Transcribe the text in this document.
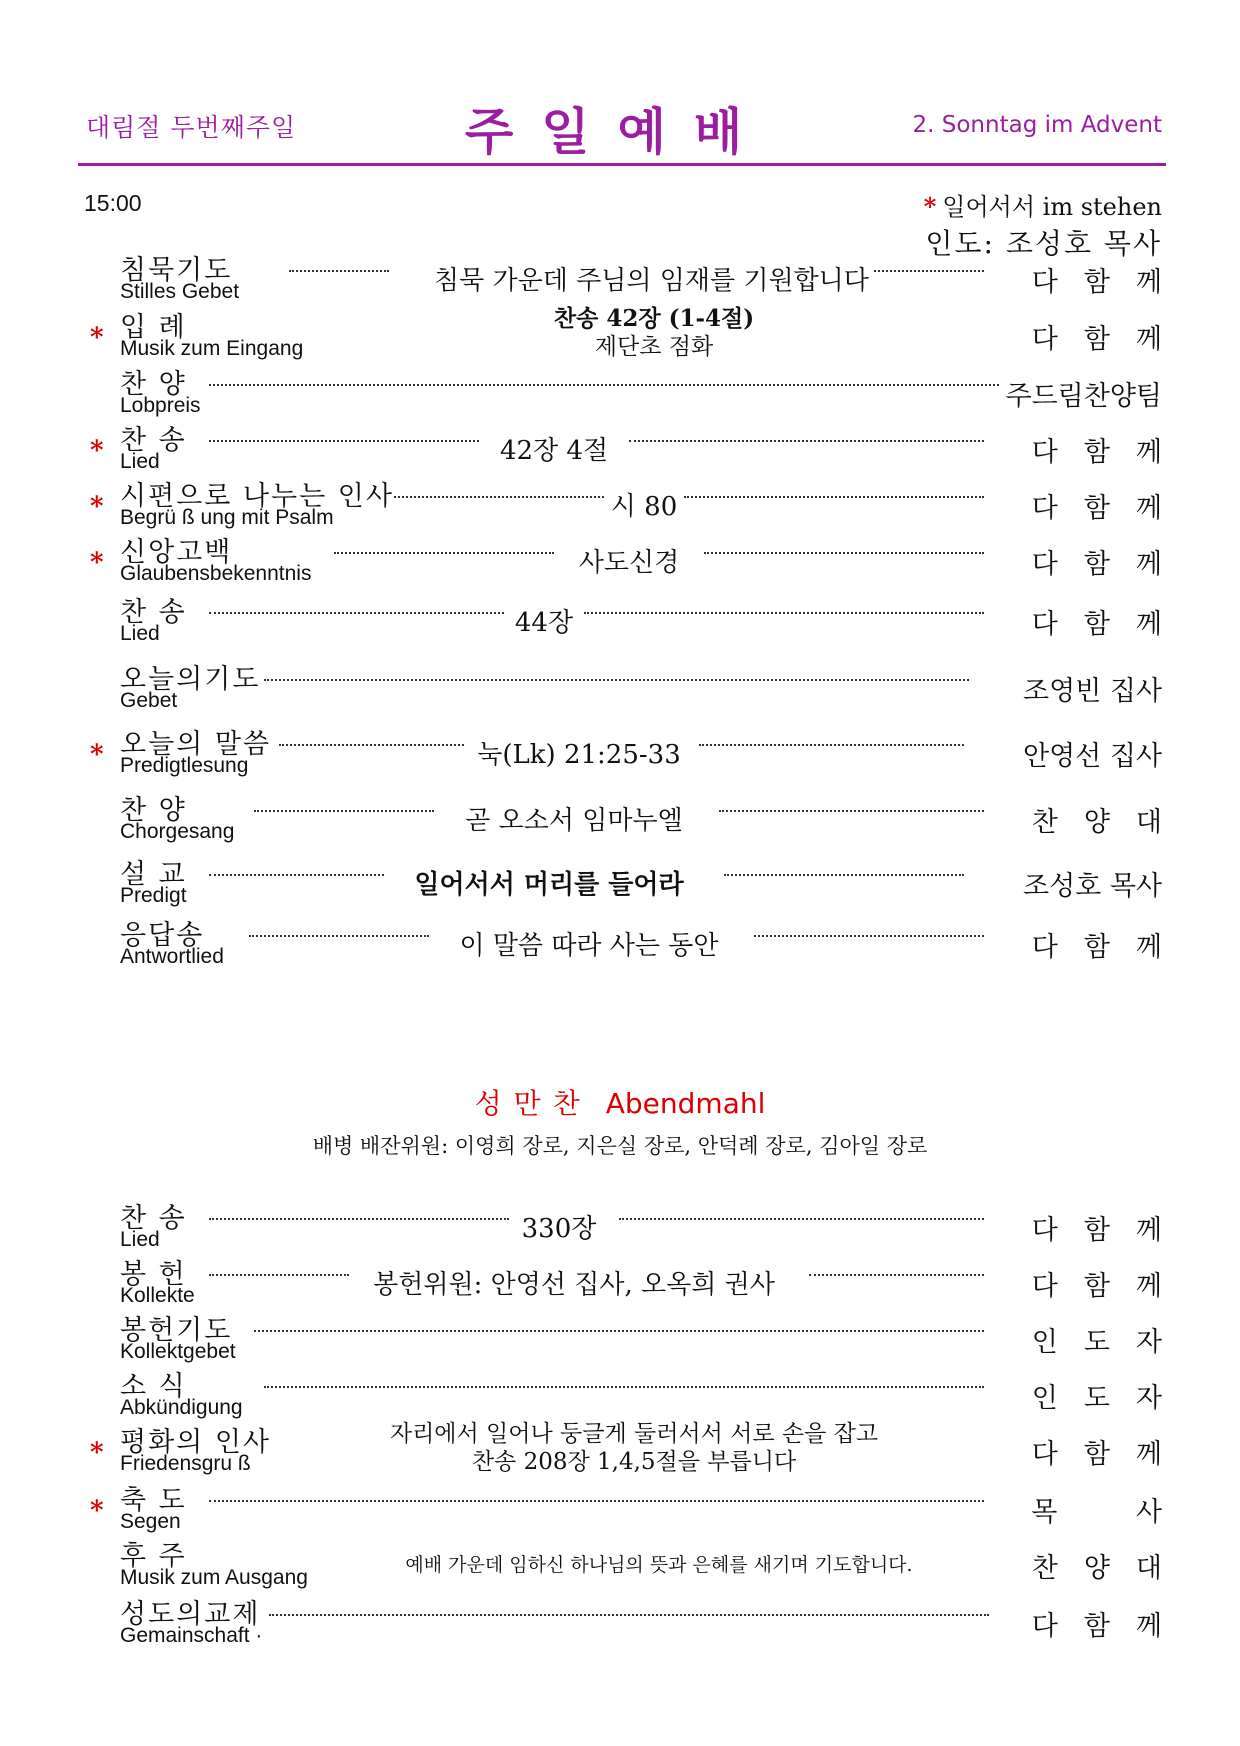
대림절 두번째주일	주일예배	2. Sonntag im Advent
15:00	* 일어서서 im stehen
인도: 조성호 목사
침묵기도
Stilles Gebet	침묵 가운데 주님의 임재를 기원합니다	다함께
* 입 례
Musik zum Eingang
찬송 42장 (1-4절)
제단초 점화	다함께
찬 양
Lobpreis	주드림찬양팀
* 찬 송
Lied	42장 4절	다함께
* 시편으로 나누는 인사
Begrü ß ung mit Psalm	시 80	다함께
* 신앙고백
Glaubensbekenntnis	사도신경	다함께
찬 송
Lied	44장	다함께
오늘의기도
Gebet	조영빈 집사
* 오늘의 말씀
Predigtlesung	눅(Lk) 21:25-33	안영선 집사
찬 양
Chorgesang	곧 오소서 임마누엘	찬양대
설 교
Predigt	일어서서 머리를 들어라	조성호 목사
응답송
Antwortlied	이 말씀 따라 사는 동안	다함께
성만찬 Abendmahl
배병 배잔위원: 이영희 장로, 지은실 장로, 안덕례 장로, 김아일 장로
찬 송
Lied	330장	다함께
봉 헌
Kollekte	봉헌위원: 안영선 집사, 오옥희 권사	다함께
봉헌기도
Kollektgebet	인도자
소 식
Abkündigung	인도자
* 평화의 인사
Friedensgru ß
자리에서 일어나 둥글게 둘러서서 서로 손을 잡고
찬송 208장 1,4,5절을 부릅니다	다함께
* 축 도
Segen	목 사
후 주
Musik zum Ausgang
예배 가운데 임하신 하나님의 뜻과 은혜를 새기며 기도합니다.	찬양대
성도의교제
Gemainschaft ·	다함께
